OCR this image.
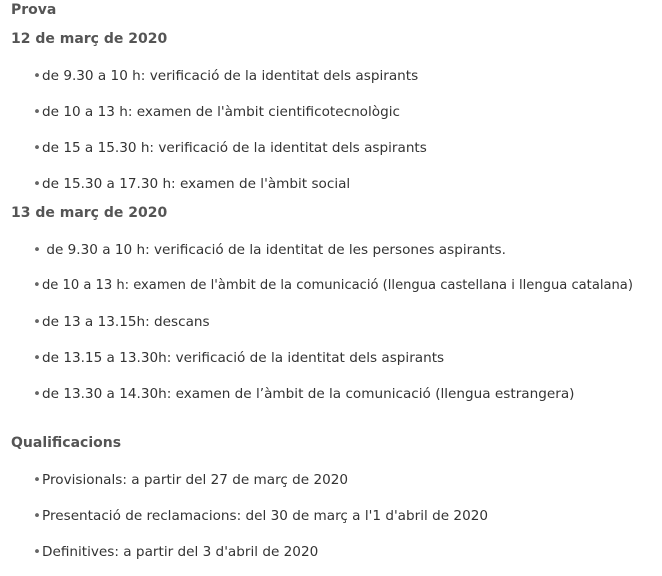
Prova
12 de març de 2020
13 de març de 2020
Qualificacions
•de 9.30 a 10 h: verificació de la identitat dels aspirants
•de 10 a 13 h: examen de l'àmbit cientificotecnològic
•de 15 a 15.30 h: verificació de la identitat dels aspirants
•de 15.30 a 17.30 h: examen de l'àmbit social
• de 9.30 a 10 h: verificació de la identitat de les persones aspirants.
•de 10 a 13 h: examen de l'àmbit de la comunicació (llengua castellana i llengua catalana)
•de 13 a 13.15h: descans
•de 13.15 a 13.30h: verificació de la identitat dels aspirants
•de 13.30 a 14.30h: examen de l’àmbit de la comunicació (llengua estrangera)
•Provisionals: a partir del 27 de març de 2020
•Presentació de reclamacions: del 30 de març a l'1 d'abril de 2020
•Definitives: a partir del 3 d'abril de 2020
